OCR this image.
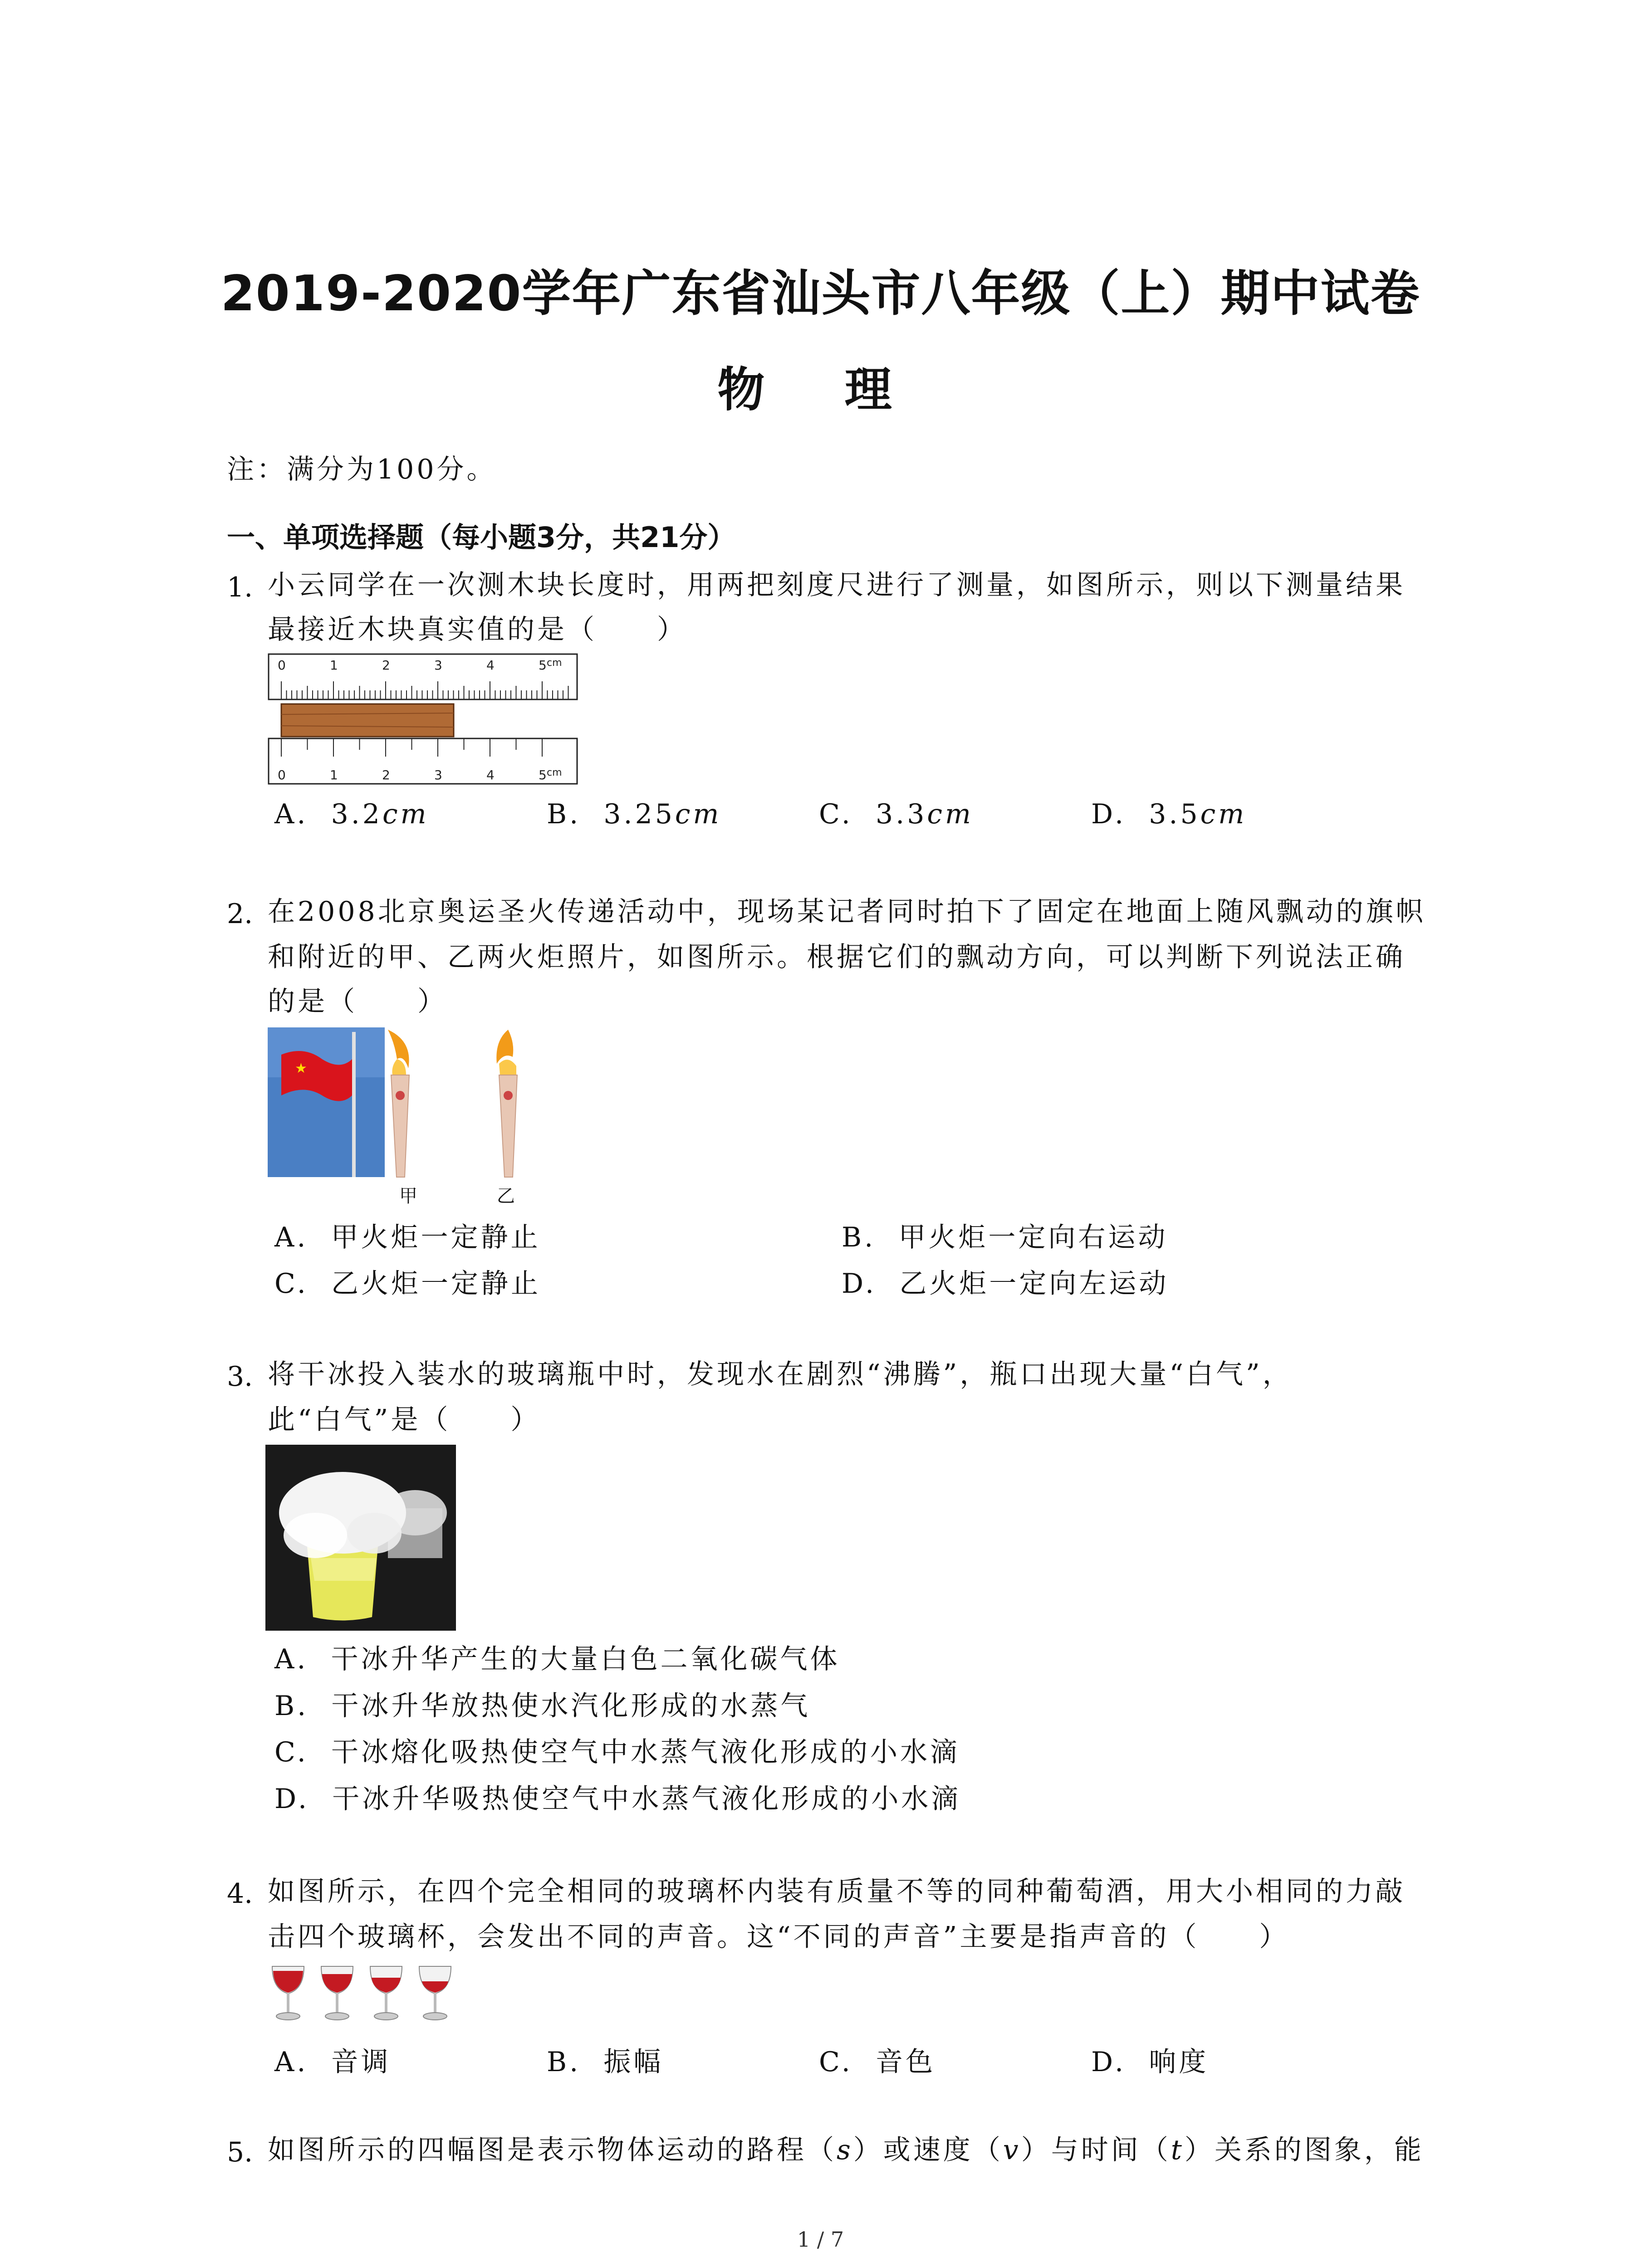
2019-2020学年广东省汕头市八年级（上）期中试卷
物 理
注：满分为100分。
一、单项选择题（每小题3分，共21分）
1. 小云同学在一次测木块长度时，用两把刻度尺进行了测量，如图所示，则以下测量结果
最接近木块真实值的是（　　）
0	1	2	3	4	5 cm
0	1	2	3	4	5 cm
A. 3.2cm	B. 3.25cm	C. 3.3cm	D. 3.5cm
2. 在2008北京奥运圣火传递活动中，现场某记者同时拍下了固定在地面上随风飘动的旗帜
和附近的甲、乙两火炬照片，如图所示。根据它们的飘动方向，可以判断下列说法正确
的是（　　）
★
甲	乙
A. 甲火炬一定静止	B. 甲火炬一定向右运动
C. 乙火炬一定静止	D. 乙火炬一定向左运动
3. 将干冰投入装水的玻璃瓶中时，发现水在剧烈“沸腾”，瓶口出现大量“白气”，
此“白气”是（　　）
A. 干冰升华产生的大量白色二氧化碳气体
B. 干冰升华放热使水汽化形成的水蒸气
C. 干冰熔化吸热使空气中水蒸气液化形成的小水滴
D. 干冰升华吸热使空气中水蒸气液化形成的小水滴
4. 如图所示，在四个完全相同的玻璃杯内装有质量不等的同种葡萄酒，用大小相同的力敲
击四个玻璃杯，会发出不同的声音。这“不同的声音”主要是指声音的（　　）
A. 音调	B. 振幅	C. 音色	D. 响度
5. 如图所示的四幅图是表示物体运动的路程（s）或速度（v）与时间（t）关系的图象，能
1 / 7
